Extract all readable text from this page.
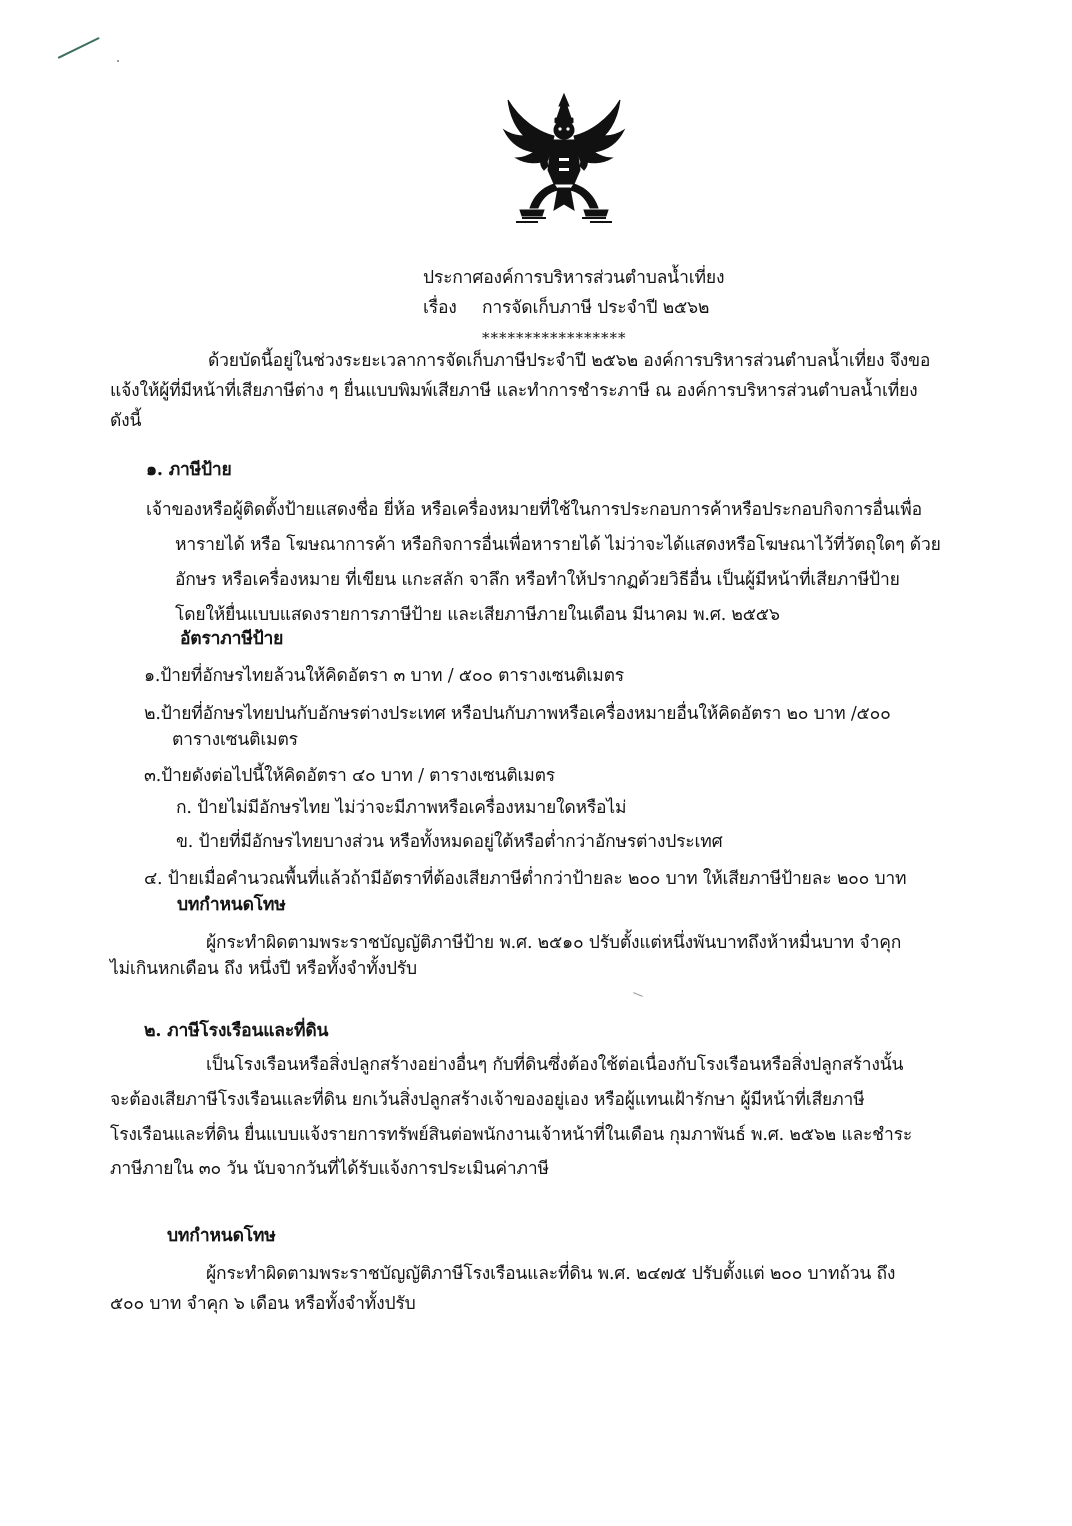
ประกาศองค์การบริหารส่วนตำบลน้ำเที่ยง
เรื่อง การจัดเก็บภาษี ประจำปี ๒๕๖๒
*****************
ด้วยบัดนี้อยู่ในช่วงระยะเวลาการจัดเก็บภาษีประจำปี ๒๕๖๒ องค์การบริหารส่วนตำบลน้ำเที่ยง จึงขอ
แจ้งให้ผู้ที่มีหน้าที่เสียภาษีต่าง ๆ ยื่นแบบพิมพ์เสียภาษี และทำการชำระภาษี ณ องค์การบริหารส่วนตำบลน้ำเที่ยง
ดังนี้
๑. ภาษีป้าย
เจ้าของหรือผู้ติดตั้งป้ายแสดงชื่อ ยี่ห้อ หรือเครื่องหมายที่ใช้ในการประกอบการค้าหรือประกอบกิจการอื่นเพื่อ
หารายได้ หรือ โฆษณาการค้า หรือกิจการอื่นเพื่อหารายได้ ไม่ว่าจะได้แสดงหรือโฆษณาไว้ที่วัตถุใดๆ ด้วย
อักษร หรือเครื่องหมาย ที่เขียน แกะสลัก จาลึก หรือทำให้ปรากฏด้วยวิธีอื่น เป็นผู้มีหน้าที่เสียภาษีป้าย
โดยให้ยื่นแบบแสดงรายการภาษีป้าย และเสียภาษีภายในเดือน มีนาคม พ.ศ. ๒๕๕๖
อัตราภาษีป้าย
๑.ป้ายที่อักษรไทยล้วนให้คิดอัตรา ๓ บาท / ๕๐๐ ตารางเซนติเมตร
๒.ป้ายที่อักษรไทยปนกับอักษรต่างประเทศ หรือปนกับภาพหรือเครื่องหมายอื่นให้คิดอัตรา ๒๐ บาท /๕๐๐
ตารางเซนติเมตร
๓.ป้ายดังต่อไปนี้ให้คิดอัตรา ๔๐ บาท / ตารางเซนติเมตร
ก. ป้ายไม่มีอักษรไทย ไม่ว่าจะมีภาพหรือเครื่องหมายใดหรือไม่
ข. ป้ายที่มีอักษรไทยบางส่วน หรือทั้งหมดอยู่ใต้หรือต่ำกว่าอักษรต่างประเทศ
๔. ป้ายเมื่อคำนวณพื้นที่แล้วถ้ามีอัตราที่ต้องเสียภาษีต่ำกว่าป้ายละ ๒๐๐ บาท ให้เสียภาษีป้ายละ ๒๐๐ บาท
บทกำหนดโทษ
ผู้กระทำผิดตามพระราชบัญญัติภาษีป้าย พ.ศ. ๒๕๑๐ ปรับตั้งแต่หนึ่งพันบาทถึงห้าหมื่นบาท จำคุก
ไม่เกินหกเดือน ถึง หนึ่งปี หรือทั้งจำทั้งปรับ
๒. ภาษีโรงเรือนและที่ดิน
เป็นโรงเรือนหรือสิ่งปลูกสร้างอย่างอื่นๆ กับที่ดินซึ่งต้องใช้ต่อเนื่องกับโรงเรือนหรือสิ่งปลูกสร้างนั้น
จะต้องเสียภาษีโรงเรือนและที่ดิน ยกเว้นสิ่งปลูกสร้างเจ้าของอยู่เอง หรือผู้แทนเฝ้ารักษา ผู้มีหน้าที่เสียภาษี
โรงเรือนและที่ดิน ยื่นแบบแจ้งรายการทรัพย์สินต่อพนักงานเจ้าหน้าที่ในเดือน กุมภาพันธ์ พ.ศ. ๒๕๖๒ และชำระ
ภาษีภายใน ๓๐ วัน นับจากวันที่ได้รับแจ้งการประเมินค่าภาษี
บทกำหนดโทษ
ผู้กระทำผิดตามพระราชบัญญัติภาษีโรงเรือนและที่ดิน พ.ศ. ๒๔๗๕ ปรับตั้งแต่ ๒๐๐ บาทถ้วน ถึง
๕๐๐ บาท จำคุก ๖ เดือน หรือทั้งจำทั้งปรับ
